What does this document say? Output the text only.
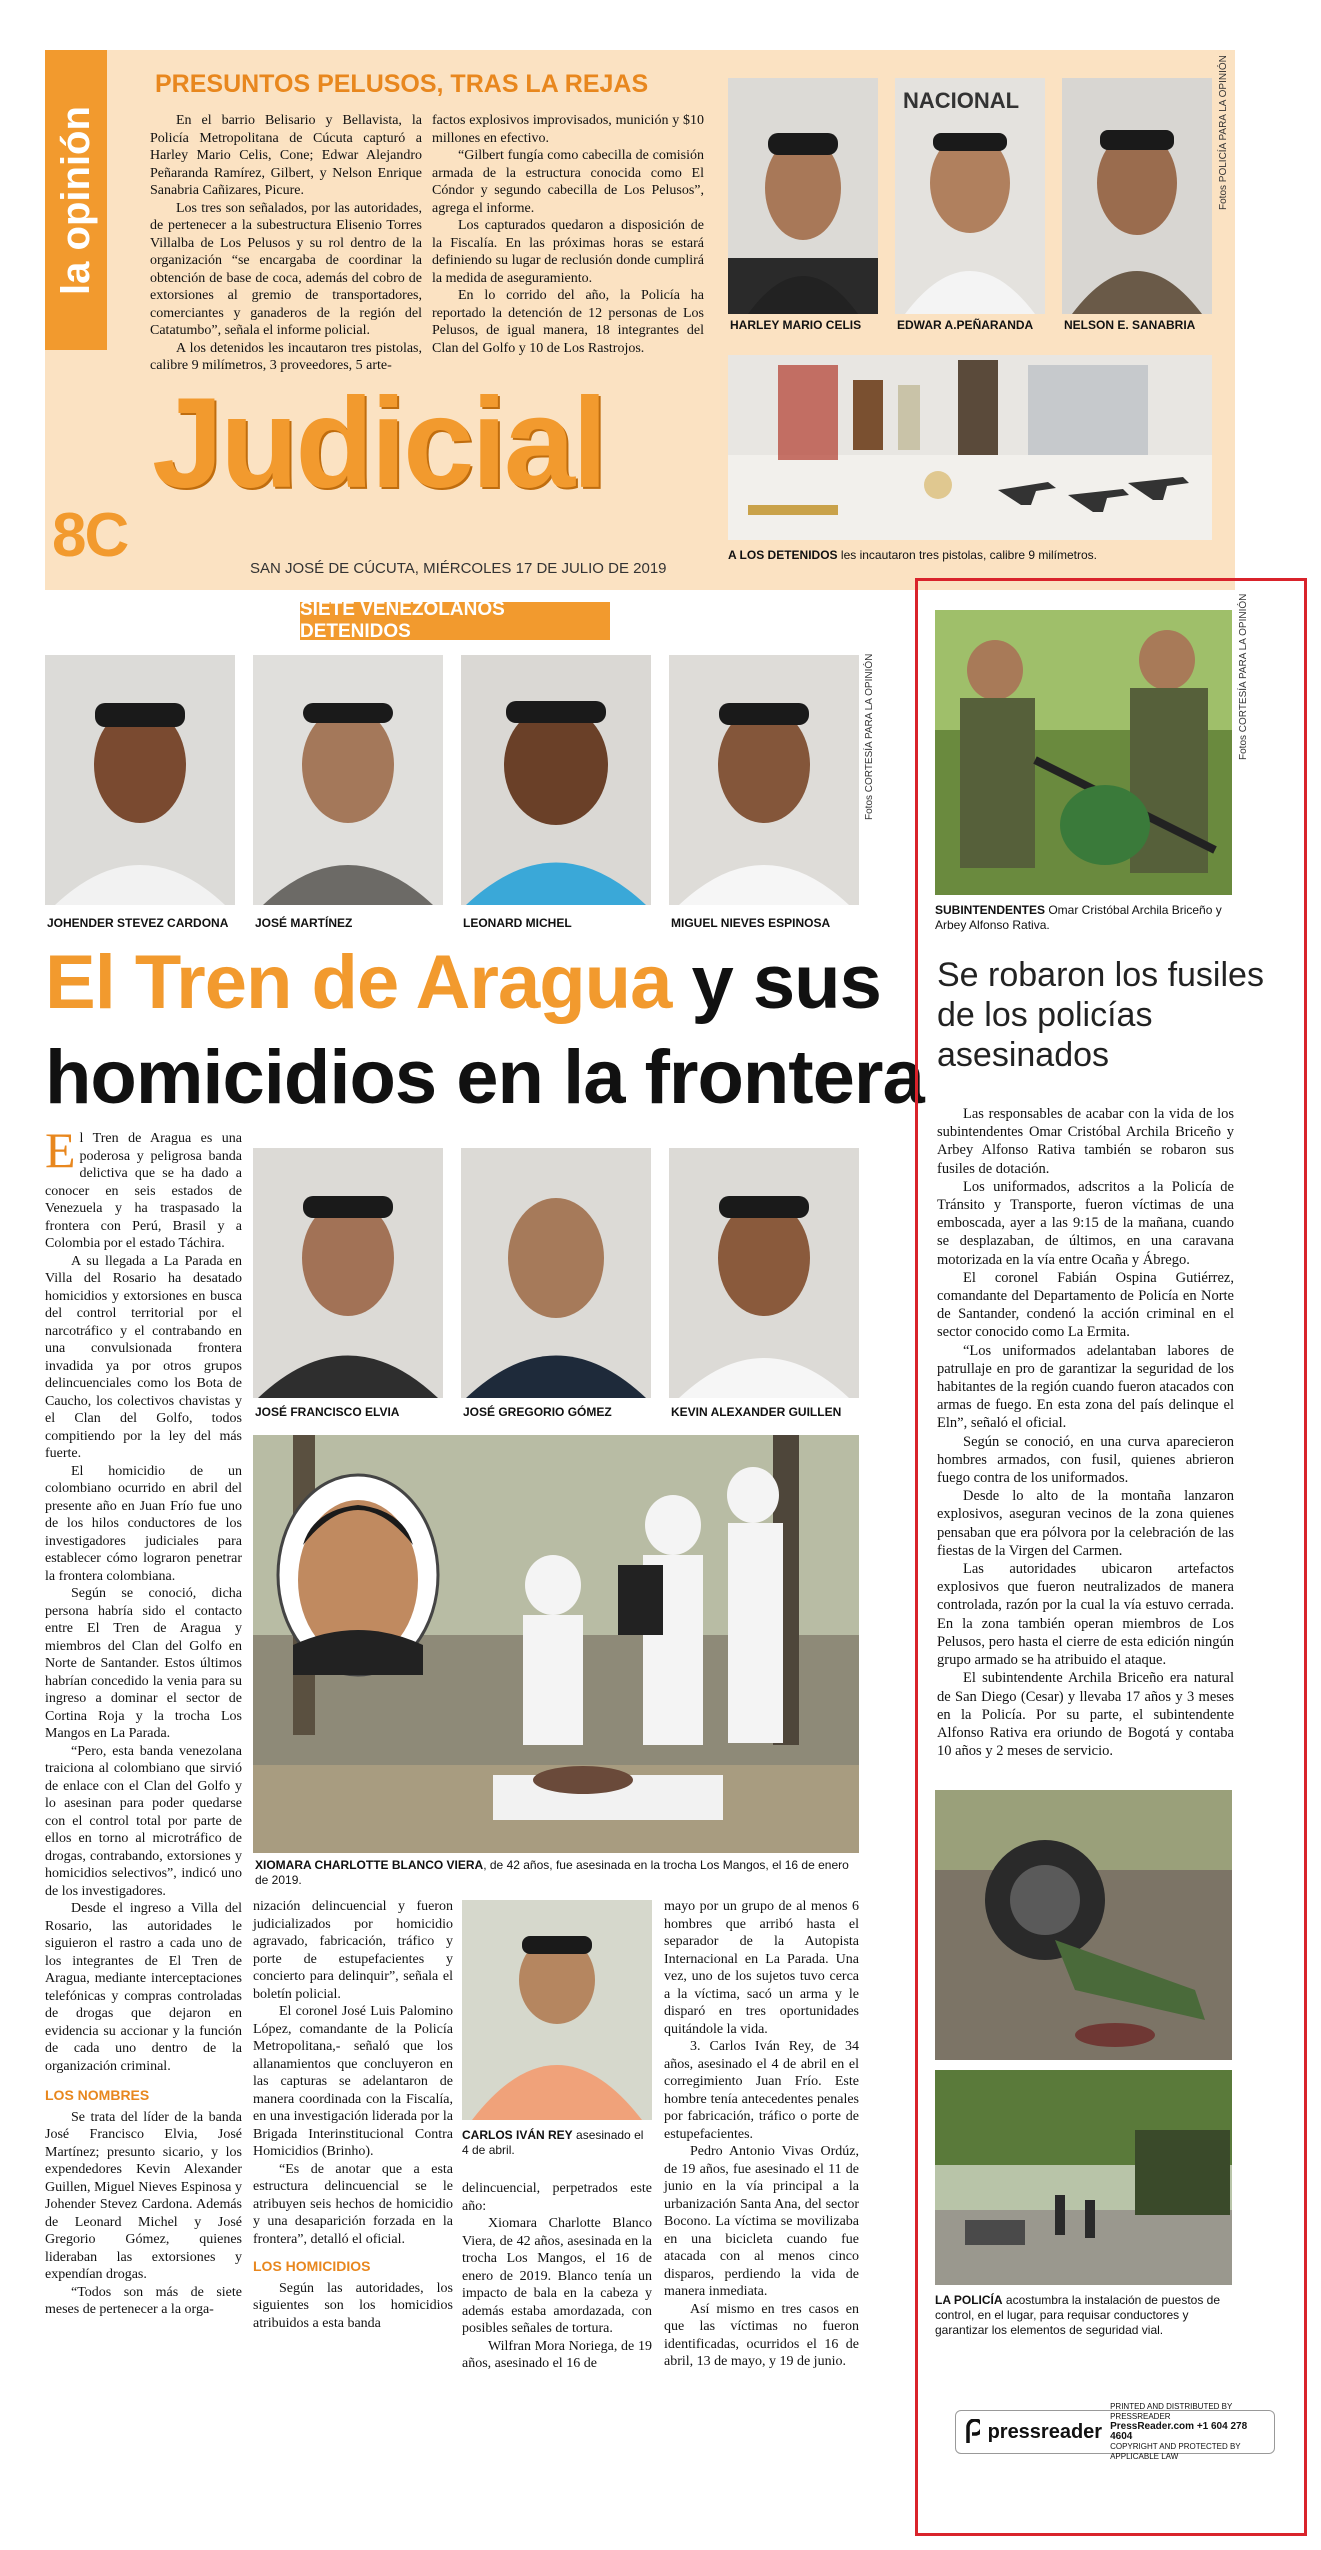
la opinión
Judicial
8C	SAN JOSÉ DE CÚCUTA, MIÉRCOLES 17 DE JULIO DE 2019
PRESUNTOS PELUSOS, TRAS LA REJAS

En el barrio Belisario y Bellavista, la Policía Metropolitana de Cúcuta capturó a Harley Mario Celis, Cone; Edwar Alejandro Peñaranda Ramírez, Gilbert, y Nelson Enrique Sanabria Cañizares, Picure.

Los tres son señalados, por las autoridades, de pertenecer a la subestructura Elisenio Torres Villalba de Los Pelusos y su rol dentro de la organización “se encargaba de coordinar la obtención de base de coca, además del cobro de extorsiones al gremio de transportadores, comerciantes y ganaderos de la región del Catatumbo”, señala el informe policial.

A los detenidos les incautaron tres pistolas, calibre 9 milímetros, 3 proveedores, 5 arte-

factos explosivos improvisados, munición y $10 millones en efectivo.

“Gilbert fungía como cabecilla de comisión armada de la estructura conocida como El Cóndor y segundo cabecilla de Los Pelusos”, agrega el informe.

Los capturados quedaron a disposición de la Fiscalía. En las próximas horas se estará definiendo su lugar de reclusión donde cumplirá la medida de aseguramiento.

En lo corrido del año, la Policía ha reportado la detención de 12 personas de Los Pelusos, de igual manera, 18 integrantes del Clan del Golfo y 10 de Los Rastrojos.

HARLEY MARIO CELIS
NACIONAL
EDWAR A.PEÑARANDA	NELSON E. SANABRIA
Fotos POLICÍA PARA LA OPINIÓN
A LOS DETENIDOS les incautaron tres pistolas, calibre 9 milímetros.
SIETE VENEZOLANOS DETENIDOS
JOHENDER STEVEZ CARDONA JOSÉ MARTÍNEZ	LEONARD MICHEL	MIGUEL NIEVES ESPINOSA
Fotos CORTESÍA PARA LA OPINIÓN
El Tren de Aragua y sus
homicidios en la frontera

El Tren de Aragua es una poderosa y peligrosa banda delictiva que se ha dado a conocer en seis estados de Venezuela y ha traspasado la frontera con Perú, Brasil y a Colombia por el estado Táchira.

A su llegada a La Parada en Villa del Rosario ha desatado homicidios y extorsiones en busca del control territorial por el narcotráfico y el contrabando en una convulsionada frontera invadida ya por otros grupos delincuenciales como los Bota de Caucho, los colectivos chavistas y el Clan del Golfo, todos compitiendo por la ley del más fuerte.

El homicidio de un colombiano ocurrido en abril del presente año en Juan Frío fue uno de los hilos conductores de los investigadores judiciales para establecer cómo lograron penetrar la frontera colombiana.

Según se conoció, dicha persona habría sido el contacto entre El Tren de Aragua y miembros del Clan del Golfo en Norte de Santander. Estos últimos habrían concedido la venia para su ingreso a dominar el sector de Cortina Roja y la trocha Los Mangos en La Parada.

“Pero, esta banda venezolana traiciona al colombiano que sirvió de enlace con el Clan del Golfo y lo asesinan para poder quedarse con el control total por parte de ellos en torno al microtráfico de drogas, contrabando, extorsiones y homicidios selectivos”, indicó uno de los investigadores.

Desde el ingreso a Villa del Rosario, las autoridades le siguieron el rastro a cada uno de los integrantes de El Tren de Aragua, mediante interceptaciones telefónicas y compras controladas de drogas que dejaron en evidencia su accionar y la función de cada uno dentro de la organización criminal.

LOS NOMBRES

Se trata del líder de la banda José Francisco Elvia, José Martínez; presunto sicario, y los expendedores Kevin Alexander Guillen, Miguel Nieves Espinosa y Johender Stevez Cardona. Además de Leonard Michel y José Gregorio Gómez, quienes lideraban las extorsiones y expendían drogas.

“Todos son más de siete meses de pertenecer a la orga-

JOSÉ FRANCISCO ELVIA	JOSÉ GREGORIO GÓMEZ	KEVIN ALEXANDER GUILLEN
XIOMARA CHARLOTTE BLANCO VIERA, de 42 años, fue asesinada en la trocha Los Mangos, el 16 de enero de 2019.

nización delincuencial y fueron judicializados por homicidio agravado, fabricación, tráfico y porte de estupefacientes y concierto para delinquir”, señala el boletín policial.

El coronel José Luis Palomino López, comandante de la Policía Metropolitana,- señaló que los allanamientos que concluyeron en las capturas se adelantaron de manera coordinada con la Fiscalía, en una investigación liderada por la Brigada Interinstitucional Contra Homicidios (Brinho).

“Es de anotar que a esta estructura delincuencial se le atribuyen seis hechos de homicidio y una desaparición forzada en la frontera”, detalló el oficial.

LOS HOMICIDIOS

Según las autoridades, los siguientes son los homicidios atribuidos a esta banda

CARLOS IVÁN REY asesinado el 4 de abril.

delincuencial, perpetrados este año:

Xiomara Charlotte Blanco Viera, de 42 años, asesinada en la trocha Los Mangos, el 16 de enero de 2019. Blanco tenía un impacto de bala en la cabeza y además estaba amordazada, con posibles señales de tortura.

Wilfran Mora Noriega, de 19 años, asesinado el 16 de

mayo por un grupo de al menos 6 hombres que arribó hasta el separador de la Autopista Internacional en La Parada. Una vez, uno de los sujetos tuvo cerca a la víctima, sacó un arma y le disparó en tres oportunidades quitándole la vida.

3. Carlos Iván Rey, de 34 años, asesinado el 4 de abril en el corregimiento Juan Frío. Este hombre tenía antecedentes penales por fabricación, tráfico o porte de estupefacientes.

Pedro Antonio Vivas Ordúz, de 19 años, fue asesinado el 11 de junio en la vía principal a la urbanización Santa Ana, del sector Bocono. La víctima se movilizaba en una bicicleta cuando fue atacada con al menos cinco disparos, perdiendo la vida de manera inmediata.

Así mismo en tres casos en que las víctimas no fueron identificadas, ocurridos el 16 de abril, 13 de mayo, y 19 de junio.

Fotos CORTESÍA PARA LA OPINIÓN
SUBINTENDENTES Omar Cristóbal Archila Briceño y Arbey Alfonso Rativa.
Se robaron los fusiles de los policías asesinados

Las responsables de acabar con la vida de los subintendentes Omar Cristóbal Archila Briceño y Arbey Alfonso Rativa también se robaron sus fusiles de dotación.

Los uniformados, adscritos a la Policía de Tránsito y Transporte, fueron víctimas de una emboscada, ayer a las 9:15 de la mañana, cuando se desplazaban, de últimos, en una caravana motorizada en la vía entre Ocaña y Ábrego.

El coronel Fabián Ospina Gutiérrez, comandante del Departamento de Policía en Norte de Santander, condenó la acción criminal en el sector conocido como La Ermita.

“Los uniformados adelantaban labores de patrullaje en pro de garantizar la seguridad de los habitantes de la región cuando fueron atacados con armas de fuego. En esta zona del país delinque el Eln”, señaló el oficial.

Según se conoció, en una curva aparecieron hombres armados, con fusil, quienes abrieron fuego contra de los uniformados.

Desde lo alto de la montaña lanzaron explosivos, aseguran vecinos de la zona quienes pensaban que era pólvora por la celebración de las fiestas de la Virgen del Carmen.

Las autoridades ubicaron artefactos explosivos que fueron neutralizados de manera controlada, razón por la cual la vía estuvo cerrada. En la zona también operan miembros de Los Pelusos, pero hasta el cierre de esta edición ningún grupo armado se ha atribuido el ataque.

El subintendente Archila Briceño era natural de San Diego (Cesar) y llevaba 17 años y 3 meses en la Policía. Por su parte, el subintendente Alfonso Rativa era oriundo de Bogotá y contaba 10 años y 2 meses de servicio.

LA POLICÍA acostumbra la instalación de puestos de control, en el lugar, para requisar conductores y garantizar los elementos de seguridad vial.
pressreader
PRINTED AND DISTRIBUTED BY PRESSREADER
PressReader.com +1 604 278 4604
COPYRIGHT AND PROTECTED BY APPLICABLE LAW
